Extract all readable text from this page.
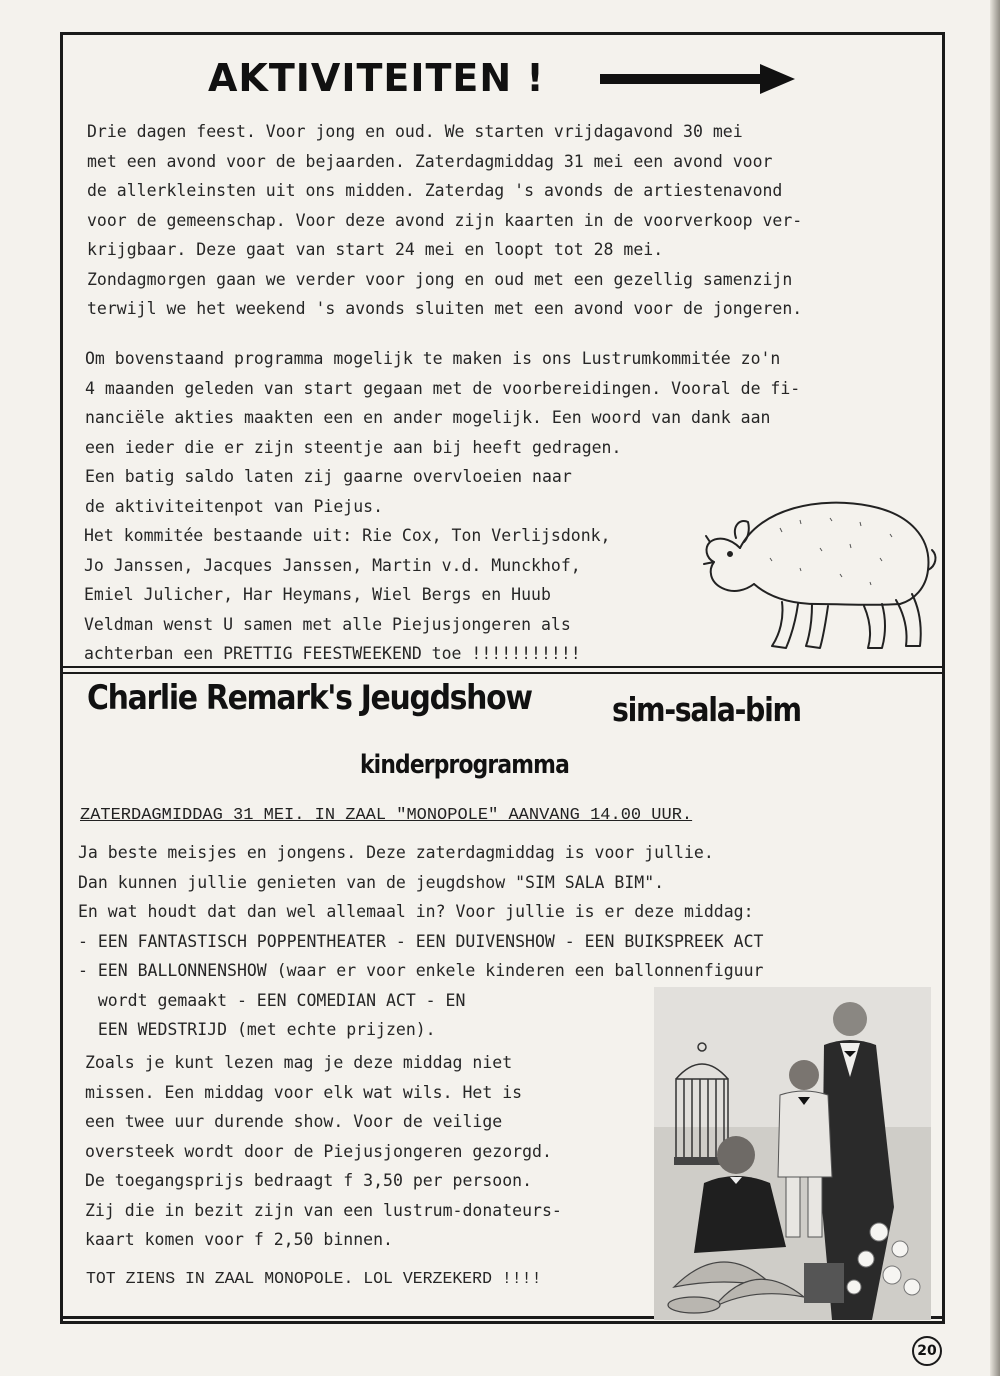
AKTIVITEITEN !
Drie dagen feest. Voor jong en oud. We starten vrijdagavond 30 mei
met een avond voor de bejaarden. Zaterdagmiddag 31 mei een avond voor
de allerkleinsten uit ons midden. Zaterdag 's avonds de artiestenavond
voor de gemeenschap. Voor deze avond zijn kaarten in de voorverkoop ver-
krijgbaar. Deze gaat van start 24 mei en loopt tot 28 mei.
Zondagmorgen gaan we verder voor jong en oud met een gezellig samenzijn
terwijl we het weekend 's avonds sluiten met een avond voor de jongeren.
Om bovenstaand programma mogelijk te maken is ons Lustrumkommitée zo'n
4 maanden geleden van start gegaan met de voorbereidingen. Vooral de fi-
nanciële akties maakten een en ander mogelijk. Een woord van dank aan
een ieder die er zijn steentje aan bij heeft gedragen.
Een batig saldo laten zij gaarne overvloeien naar
de aktiviteitenpot van Piejus.
Het kommitée bestaande uit: Rie Cox, Ton Verlijsdonk,
Jo Janssen, Jacques Janssen, Martin v.d. Munckhof,
Emiel Julicher, Har Heymans, Wiel Bergs en Huub
Veldman wenst U samen met alle Piejusjongeren als
achterban een PRETTIG FEESTWEEKEND toe !!!!!!!!!!!
Charlie Remark's Jeugdshow sim-sala-bim
kinderprogramma
ZATERDAGMIDDAG 31 MEI. IN ZAAL "MONOPOLE" AANVANG 14.00 UUR.
Ja beste meisjes en jongens. Deze zaterdagmiddag is voor jullie.
Dan kunnen jullie genieten van de jeugdshow "SIM SALA BIM".
En wat houdt dat dan wel allemaal in? Voor jullie is er deze middag:
- EEN FANTASTISCH POPPENTHEATER - EEN DUIVENSHOW - EEN BUIKSPREEK ACT
- EEN BALLONNENSHOW (waar er voor enkele kinderen een ballonnenfiguur
wordt gemaakt - EEN COMEDIAN ACT - EN
EEN WEDSTRIJD (met echte prijzen).
Zoals je kunt lezen mag je deze middag niet
missen. Een middag voor elk wat wils. Het is
een twee uur durende show. Voor de veilige
oversteek wordt door de Piejusjongeren gezorgd.
De toegangsprijs bedraagt f 3,50 per persoon.
Zij die in bezit zijn van een lustrum-donateurs-
kaart komen voor f 2,50 binnen.
TOT ZIENS IN ZAAL MONOPOLE. LOL VERZEKERD !!!!
20
